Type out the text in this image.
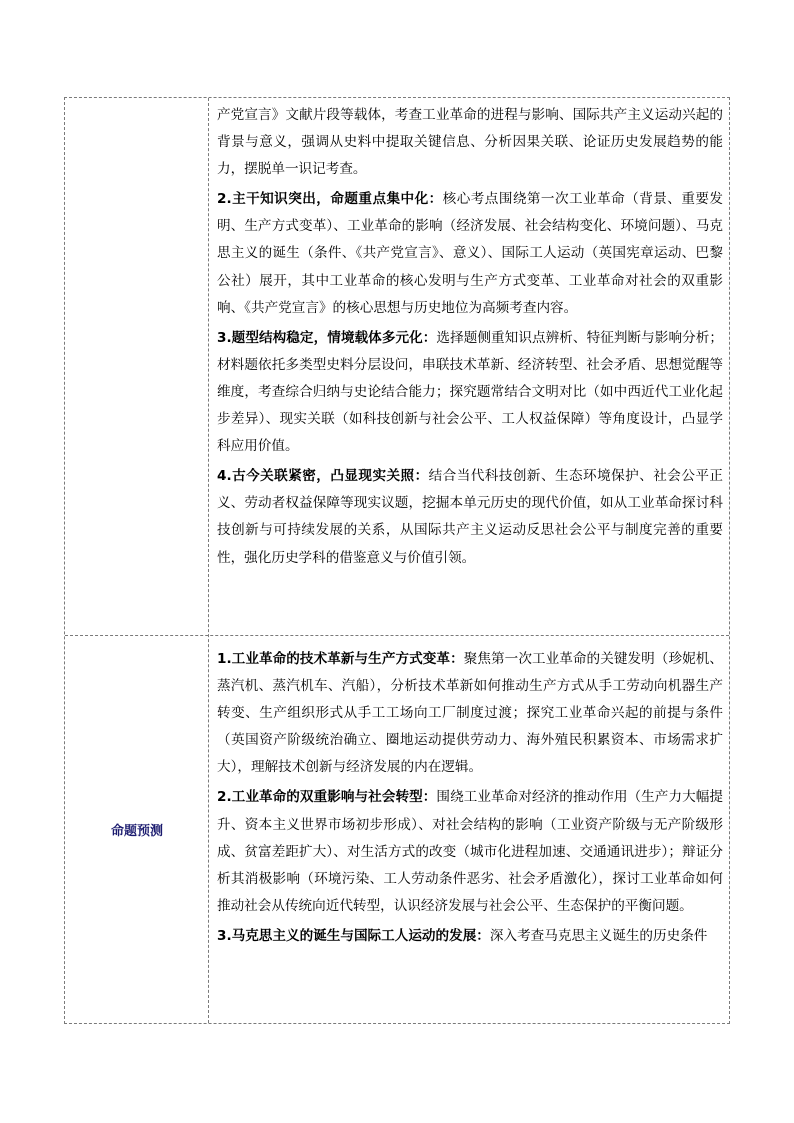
产党宣言》文献片段等载体，考查工业革命的进程与影响、国际共产主义运动兴起的背景与意义，强调从史料中提取关键信息、分析因果关联、论证历史发展趋势的能力，摆脱单一识记考查。

2.主干知识突出，命题重点集中化：核心考点围绕第一次工业革命（背景、重要发明、生产方式变革）、工业革命的影响（经济发展、社会结构变化、环境问题）、马克思主义的诞生（条件、《共产党宣言》、意义）、国际工人运动（英国宪章运动、巴黎公社）展开，其中工业革命的核心发明与生产方式变革、工业革命对社会的双重影响、《共产党宣言》的核心思想与历史地位为高频考查内容。

3.题型结构稳定，情境载体多元化：选择题侧重知识点辨析、特征判断与影响分析；材料题依托多类型史料分层设问，串联技术革新、经济转型、社会矛盾、思想觉醒等维度，考查综合归纳与史论结合能力；探究题常结合文明对比（如中西近代工业化起步差异）、现实关联（如科技创新与社会公平、工人权益保障）等角度设计，凸显学科应用价值。

4.古今关联紧密，凸显现实关照：结合当代科技创新、生态环境保护、社会公平正义、劳动者权益保障等现实议题，挖掘本单元历史的现代价值，如从工业革命探讨科技创新与可持续发展的关系，从国际共产主义运动反思社会公平与制度完善的重要性，强化历史学科的借鉴意义与价值引领。

命题预测

1.工业革命的技术革新与生产方式变革：聚焦第一次工业革命的关键发明（珍妮机、蒸汽机、蒸汽机车、汽船），分析技术革新如何推动生产方式从手工劳动向机器生产转变、生产组织形式从手工工场向工厂制度过渡；探究工业革命兴起的前提与条件（英国资产阶级统治确立、圈地运动提供劳动力、海外殖民积累资本、市场需求扩大），理解技术创新与经济发展的内在逻辑。

2.工业革命的双重影响与社会转型：围绕工业革命对经济的推动作用（生产力大幅提升、资本主义世界市场初步形成）、对社会结构的影响（工业资产阶级与无产阶级形成、贫富差距扩大）、对生活方式的改变（城市化进程加速、交通通讯进步）；辩证分析其消极影响（环境污染、工人劳动条件恶劣、社会矛盾激化），探讨工业革命如何推动社会从传统向近代转型，认识经济发展与社会公平、生态保护的平衡问题。

3.马克思主义的诞生与国际工人运动的发展：深入考查马克思主义诞生的历史条件
